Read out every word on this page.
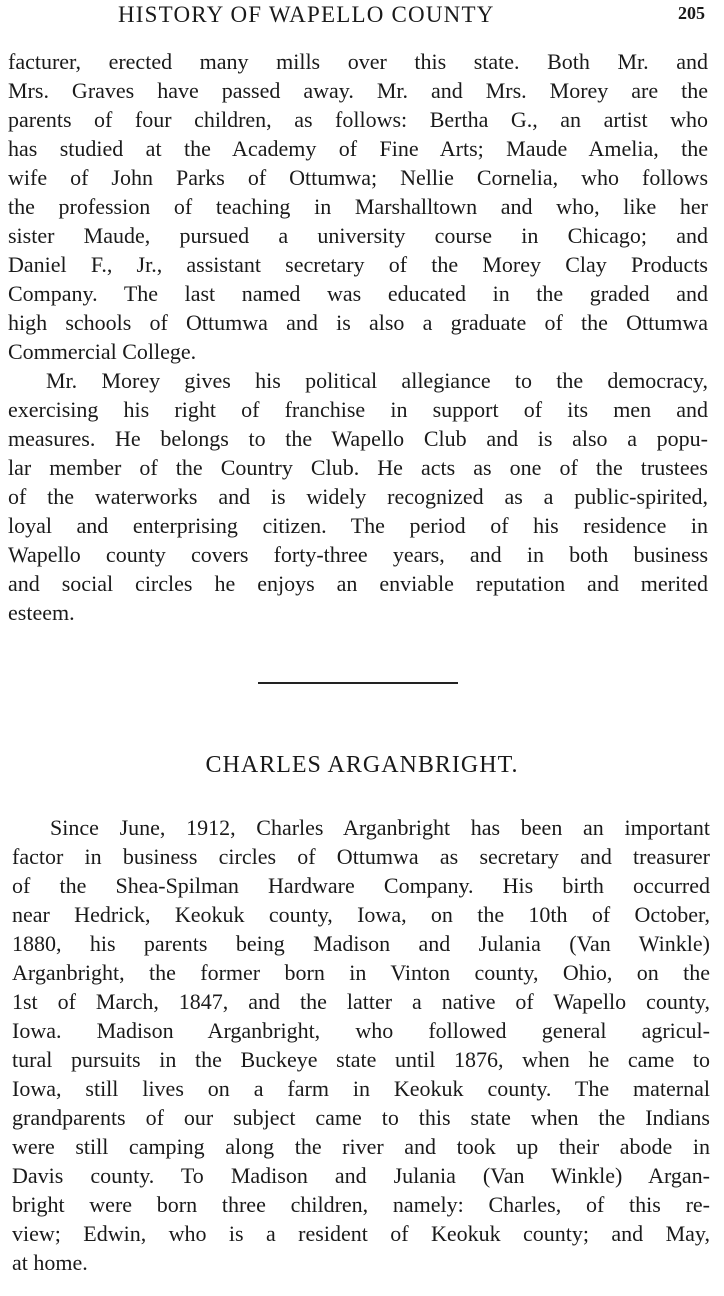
HISTORY OF WAPELLO COUNTY	205
facturer, erected many mills over this state. Both Mr. and
Mrs. Graves have passed away. Mr. and Mrs. Morey are the
parents of four children, as follows: Bertha G., an artist who
has studied at the Academy of Fine Arts; Maude Amelia, the
wife of John Parks of Ottumwa; Nellie Cornelia, who follows
the profession of teaching in Marshalltown and who, like her
sister Maude, pursued a university course in Chicago; and
Daniel F., Jr., assistant secretary of the Morey Clay Products
Company. The last named was educated in the graded and
high schools of Ottumwa and is also a graduate of the Ottumwa
Commercial College.
Mr. Morey gives his political allegiance to the democracy,
exercising his right of franchise in support of its men and
measures. He belongs to the Wapello Club and is also a popu-
lar member of the Country Club. He acts as one of the trustees
of the waterworks and is widely recognized as a public-spirited,
loyal and enterprising citizen. The period of his residence in
Wapello county covers forty-three years, and in both business
and social circles he enjoys an enviable reputation and merited
esteem.
CHARLES ARGANBRIGHT.
Since June, 1912, Charles Arganbright has been an important
factor in business circles of Ottumwa as secretary and treasurer
of the Shea-Spilman Hardware Company. His birth occurred
near Hedrick, Keokuk county, Iowa, on the 10th of October,
1880, his parents being Madison and Julania (Van Winkle)
Arganbright, the former born in Vinton county, Ohio, on the
1st of March, 1847, and the latter a native of Wapello county,
Iowa. Madison Arganbright, who followed general agricul-
tural pursuits in the Buckeye state until 1876, when he came to
Iowa, still lives on a farm in Keokuk county. The maternal
grandparents of our subject came to this state when the Indians
were still camping along the river and took up their abode in
Davis county. To Madison and Julania (Van Winkle) Argan-
bright were born three children, namely: Charles, of this re-
view; Edwin, who is a resident of Keokuk county; and May,
at home.
